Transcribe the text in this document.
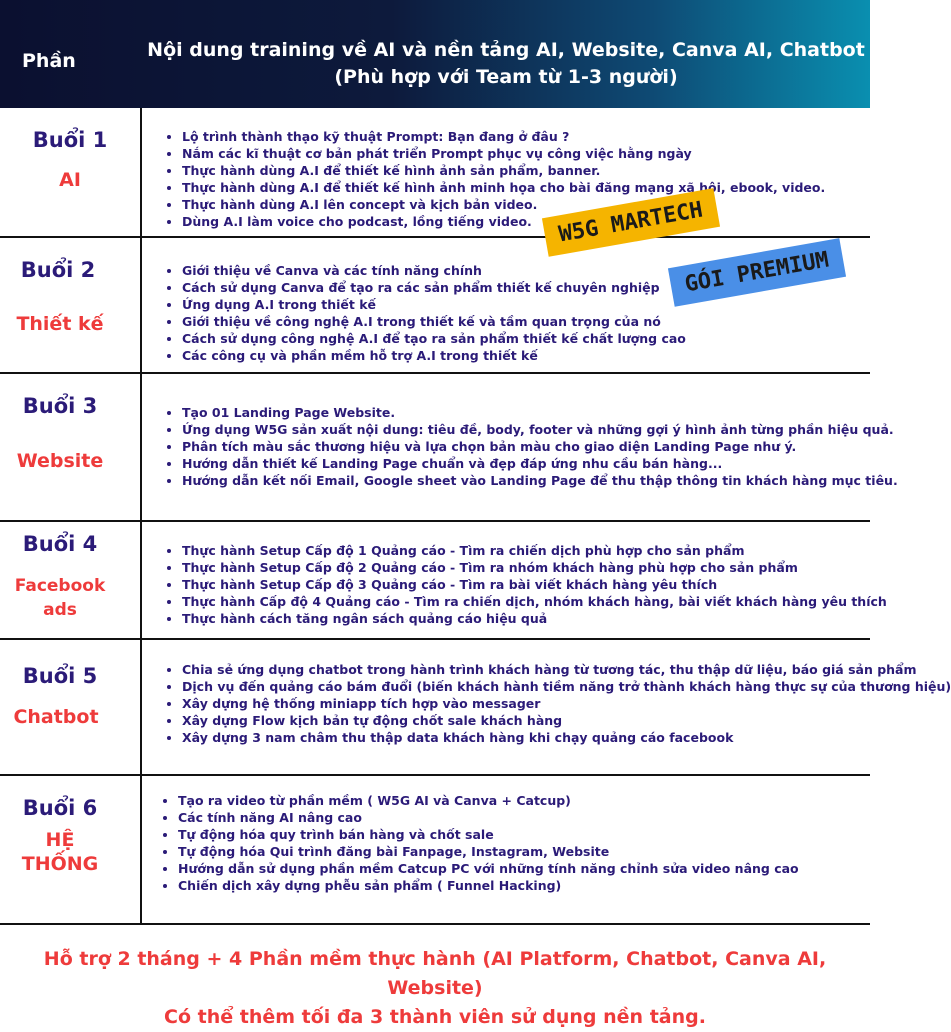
Phần	Nội dung training về AI và nền tảng AI, Website, Canva AI, Chatbot
(Phù hợp với Team từ 1-3 người)
Buổi 1
AI
• Lộ trình thành thạo kỹ thuật Prompt: Bạn đang ở đâu ?
• Nắm các kĩ thuật cơ bản phát triển Prompt phục vụ công việc hằng ngày
• Thực hành dùng A.I để thiết kế hình ảnh sản phẩm, banner.
• Thực hành dùng A.I để thiết kế hình ảnh minh họa cho bài đăng mạng xã hội, ebook, video.
• Thực hành dùng A.I lên concept và kịch bản video.
• Dùng A.I làm voice cho podcast, lồng tiếng video.
Buổi 2
Thiết kế
• Giới thiệu về Canva và các tính năng chính
• Cách sử dụng Canva để tạo ra các sản phẩm thiết kế chuyên nghiệp
• Ứng dụng A.I trong thiết kế
• Giới thiệu về công nghệ A.I trong thiết kế và tầm quan trọng của nó
• Cách sử dụng công nghệ A.I để tạo ra sản phẩm thiết kế chất lượng cao
• Các công cụ và phần mềm hỗ trợ A.I trong thiết kế
Buổi 3
Website
• Tạo 01 Landing Page Website.
• Ứng dụng W5G sản xuất nội dung: tiêu đề, body, footer và những gợi ý hình ảnh từng phần hiệu quả.
• Phân tích màu sắc thương hiệu và lựa chọn bản màu cho giao diện Landing Page như ý.
• Hướng dẫn thiết kế Landing Page chuẩn và đẹp đáp ứng nhu cầu bán hàng...
• Hướng dẫn kết nối Email, Google sheet vào Landing Page để thu thập thông tin khách hàng mục tiêu.
Buổi 4
Facebook
ads
• Thực hành Setup Cấp độ 1 Quảng cáo - Tìm ra chiến dịch phù hợp cho sản phẩm
• Thực hành Setup Cấp độ 2 Quảng cáo - Tìm ra nhóm khách hàng phù hợp cho sản phẩm
• Thực hành Setup Cấp độ 3 Quảng cáo - Tìm ra bài viết khách hàng yêu thích
• Thực hành Cấp độ 4 Quảng cáo - Tìm ra chiến dịch, nhóm khách hàng, bài viết khách hàng yêu thích
• Thực hành cách tăng ngân sách quảng cáo hiệu quả
Buổi 5
Chatbot
• Chia sẻ ứng dụng chatbot trong hành trình khách hàng từ tương tác, thu thập dữ liệu, báo giá sản phẩm
• Dịch vụ đến quảng cáo bám đuổi (biến khách hành tiềm năng trở thành khách hàng thực sự của thương hiệu)
• Xây dựng hệ thống miniapp tích hợp vào messager
• Xây dựng Flow kịch bản tự động chốt sale khách hàng
• Xây dựng 3 nam châm thu thập data khách hàng khi chạy quảng cáo facebook
Buổi 6
HỆ
THỐNG
• Tạo ra video từ phần mềm ( W5G AI và Canva + Catcup)
• Các tính năng AI nâng cao
• Tự động hóa quy trình bán hàng và chốt sale
• Tự động hóa Qui trình đăng bài Fanpage, Instagram, Website
• Hướng dẫn sử dụng phần mềm Catcup PC với những tính năng chỉnh sửa video nâng cao
• Chiến dịch xây dựng phễu sản phẩm ( Funnel Hacking)
W5G MARTECH
GÓI PREMIUM
Hỗ trợ 2 tháng + 4 Phần mềm thực hành (AI Platform, Chatbot, Canva AI, Website)
Có thể thêm tối đa 3 thành viên sử dụng nền tảng.
